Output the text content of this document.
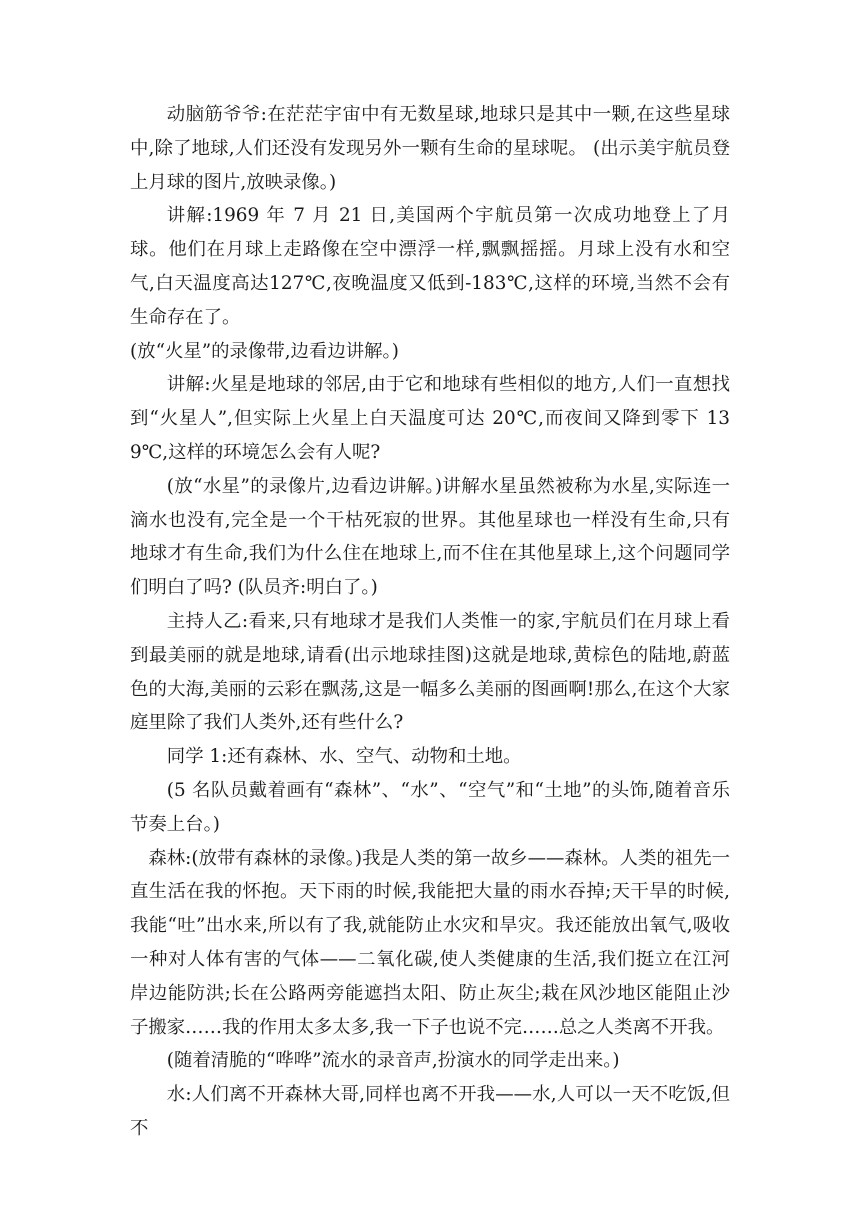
动脑筋爷爷:在茫茫宇宙中有无数星球,地球只是其中一颗,在这些星球中,除了地球,人们还没有发现另外一颗有生命的星球呢。 (出示美宇航员登上月球的图片,放映录像。)

讲解:1969 年 7 月 21 日,美国两个宇航员第一次成功地登上了月球。他们在月球上走路像在空中漂浮一样,飘飘摇摇。月球上没有水和空气,白天温度高达127℃,夜晚温度又低到-183℃,这样的环境,当然不会有生命存在了。

(放“火星”的录像带,边看边讲解。)

讲解:火星是地球的邻居,由于它和地球有些相似的地方,人们一直想找到“火星人”,但实际上火星上白天温度可达 20℃,而夜间又降到零下 139℃,这样的环境怎么会有人呢?

(放“水星”的录像片,边看边讲解。)讲解水星虽然被称为水星,实际连一滴水也没有,完全是一个干枯死寂的世界。其他星球也一样没有生命,只有地球才有生命,我们为什么住在地球上,而不住在其他星球上,这个问题同学们明白了吗? (队员齐:明白了。)

主持人乙:看来,只有地球才是我们人类惟一的家,宇航员们在月球上看到最美丽的就是地球,请看(出示地球挂图)这就是地球,黄棕色的陆地,蔚蓝色的大海,美丽的云彩在飘荡,这是一幅多么美丽的图画啊!那么,在这个大家庭里除了我们人类外,还有些什么?

同学 1:还有森林、水、空气、动物和土地。

(5 名队员戴着画有“森林”、“水”、“空气”和“土地”的头饰,随着音乐节奏上台。)

森林:(放带有森林的录像。)我是人类的第一故乡——森林。人类的祖先一直生活在我的怀抱。天下雨的时候,我能把大量的雨水吞掉;天干旱的时候,我能“吐”出水来,所以有了我,就能防止水灾和旱灾。我还能放出氧气,吸收一种对人体有害的气体——二氧化碳,使人类健康的生活,我们挺立在江河岸边能防洪;长在公路两旁能遮挡太阳、防止灰尘;栽在风沙地区能阻止沙子搬家……我的作用太多太多,我一下子也说不完……总之人类离不开我。

(随着清脆的“哗哗”流水的录音声,扮演水的同学走出来。)

水:人们离不开森林大哥,同样也离不开我——水,人可以一天不吃饭,但不
